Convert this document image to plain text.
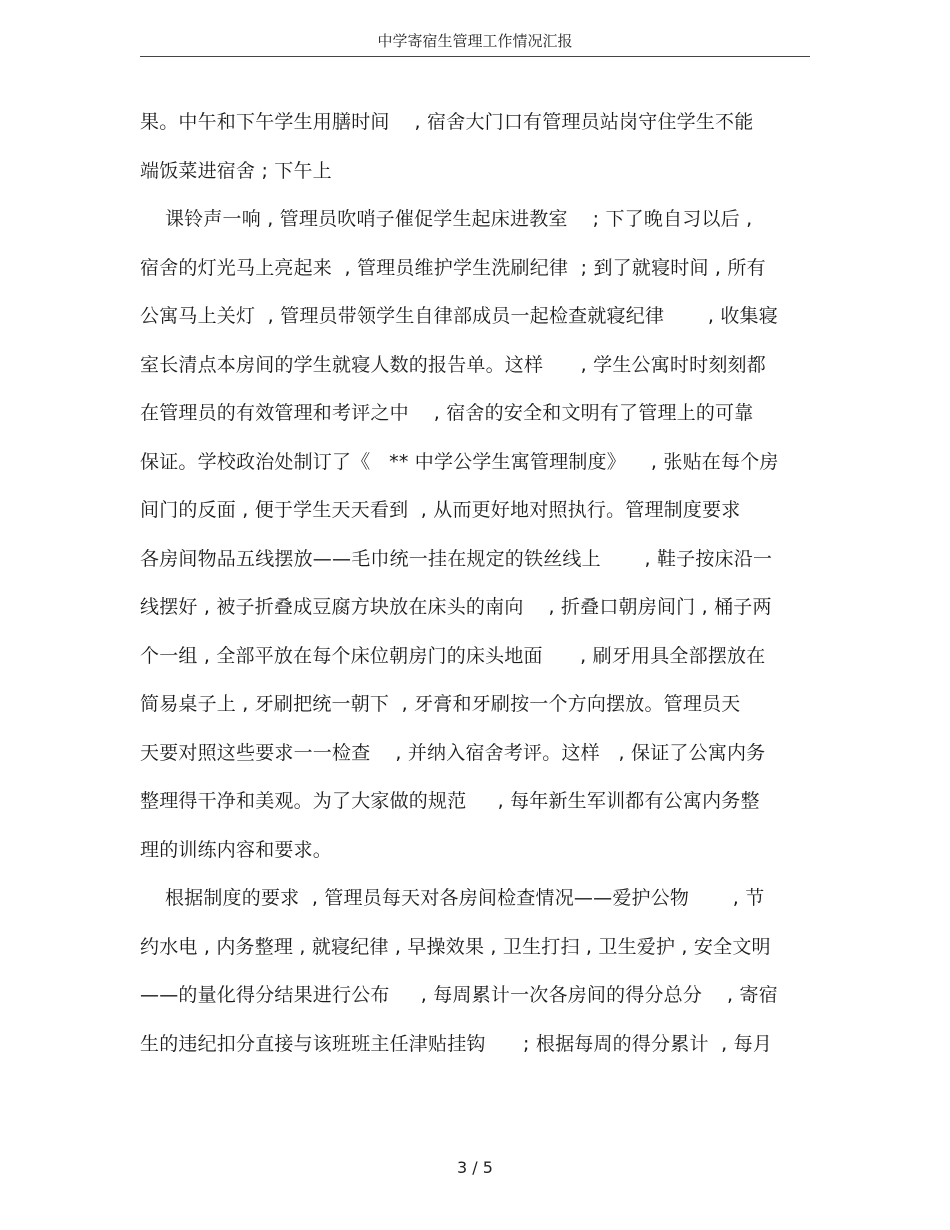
中学寄宿生管理工作情况汇报
果。中午和下午学生用膳时间    , 宿舍大门口有管理员站岗守住学生不能
端饭菜进宿舍 ; 下午上
课铃声一响 , 管理员吹哨子催促学生起床进教室    ; 下了晚自习以后 ,
宿舍的灯光马上亮起来  , 管理员维护学生洗刷纪律  ; 到了就寝时间 , 所有
公寓马上关灯  , 管理员带领学生自律部成员一起检查就寝纪律       , 收集寝
室长清点本房间的学生就寝人数的报告单。这样      , 学生公寓时时刻刻都
在管理员的有效管理和考评之中    , 宿舍的安全和文明有了管理上的可靠
保证。学校政治处制订了《   ** 中学公学生寓管理制度》    , 张贴在每个房
间门的反面 , 便于学生天天看到  , 从而更好地对照执行。管理制度要求
各房间物品五线摆放——毛巾统一挂在规定的铁丝线上       , 鞋子按床沿一
线摆好 , 被子折叠成豆腐方块放在床头的南向    , 折叠口朝房间门 , 桶子两
个一组 , 全部平放在每个床位朝房门的床头地面      , 刷牙用具全部摆放在
简易桌子上 , 牙刷把统一朝下  , 牙膏和牙刷按一个方向摆放。管理员天
天要对照这些要求一一检查    , 并纳入宿舍考评。这样   , 保证了公寓内务
整理得干净和美观。为了大家做的规范     , 每年新生军训都有公寓内务整
理的训练内容和要求。
根据制度的要求  , 管理员每天对各房间检查情况——爱护公物       , 节
约水电 , 内务整理 , 就寝纪律 , 早操效果 , 卫生打扫 , 卫生爱护 , 安全文明
——的量化得分结果进行公布     , 每周累计一次各房间的得分总分    , 寄宿
生的违纪扣分直接与该班班主任津贴挂钩      ; 根据每周的得分累计  , 每月
3 / 5
